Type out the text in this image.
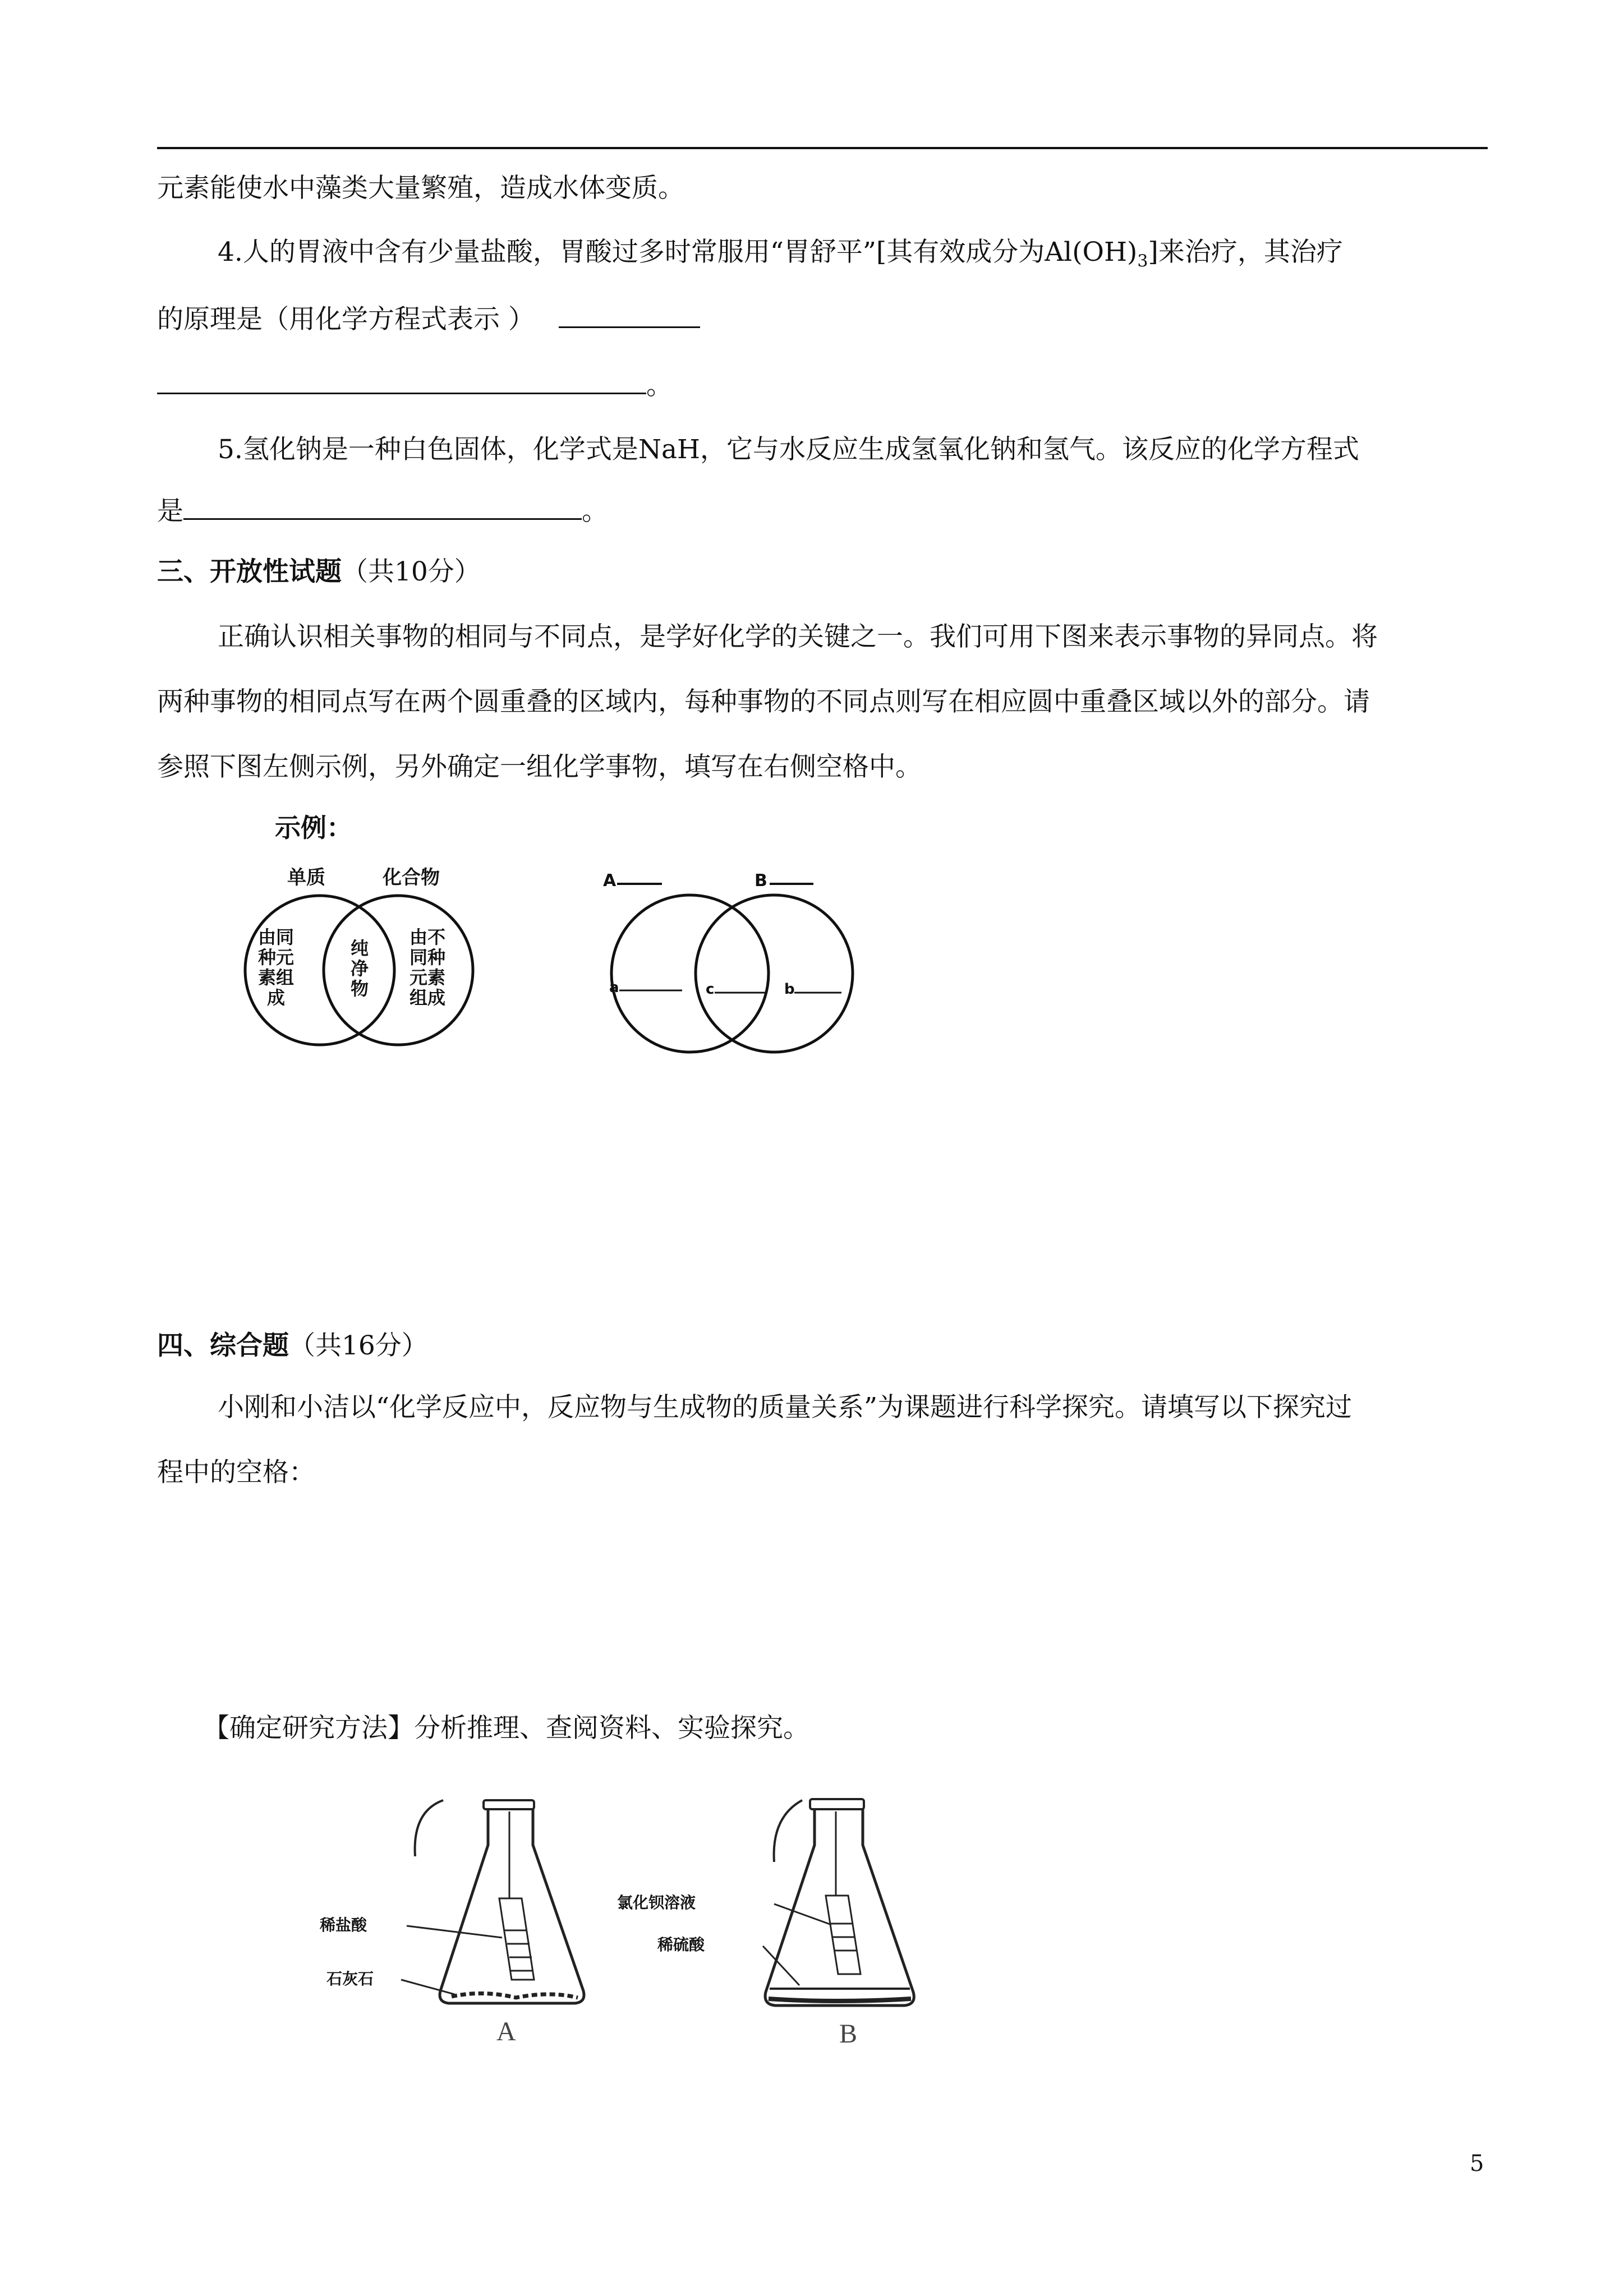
元素能使水中藻类大量繁殖，造成水体变质。
4.人的胃液中含有少量盐酸，胃酸过多时常服用“胃舒平”[其有效成分为$Al(OH)_3$]来治疗，其治疗
的原理是（用化学方程式表示 ）
。
5.氢化钠是一种白色固体，化学式是NaH，它与水反应生成氢氧化钠和氢气。该反应的化学方程式
是	。
三、开放性试题（共10分）
正确认识相关事物的相同与不同点，是学好化学的关键之一。我们可用下图来表示事物的异同点。将
两种事物的相同点写在两个圆重叠的区域内，每种事物的不同点则写在相应圆中重叠区域以外的部分。请
参照下图左侧示例，另外确定一组化学事物，填写在右侧空格中。
示例：
单质	化合物
由同
种元
素组
成
纯
净
物
由不
同种
元素
组成
A	B
a	c	b
四、综合题（共16分）
小刚和小洁以“化学反应中，反应物与生成物的质量关系”为课题进行科学探究。请填写以下探究过
程中的空格：
【确定研究方法】分析推理、查阅资料、实验探究。
稀盐酸
石灰石
A
氯化钡溶液
稀硫酸
B
5
